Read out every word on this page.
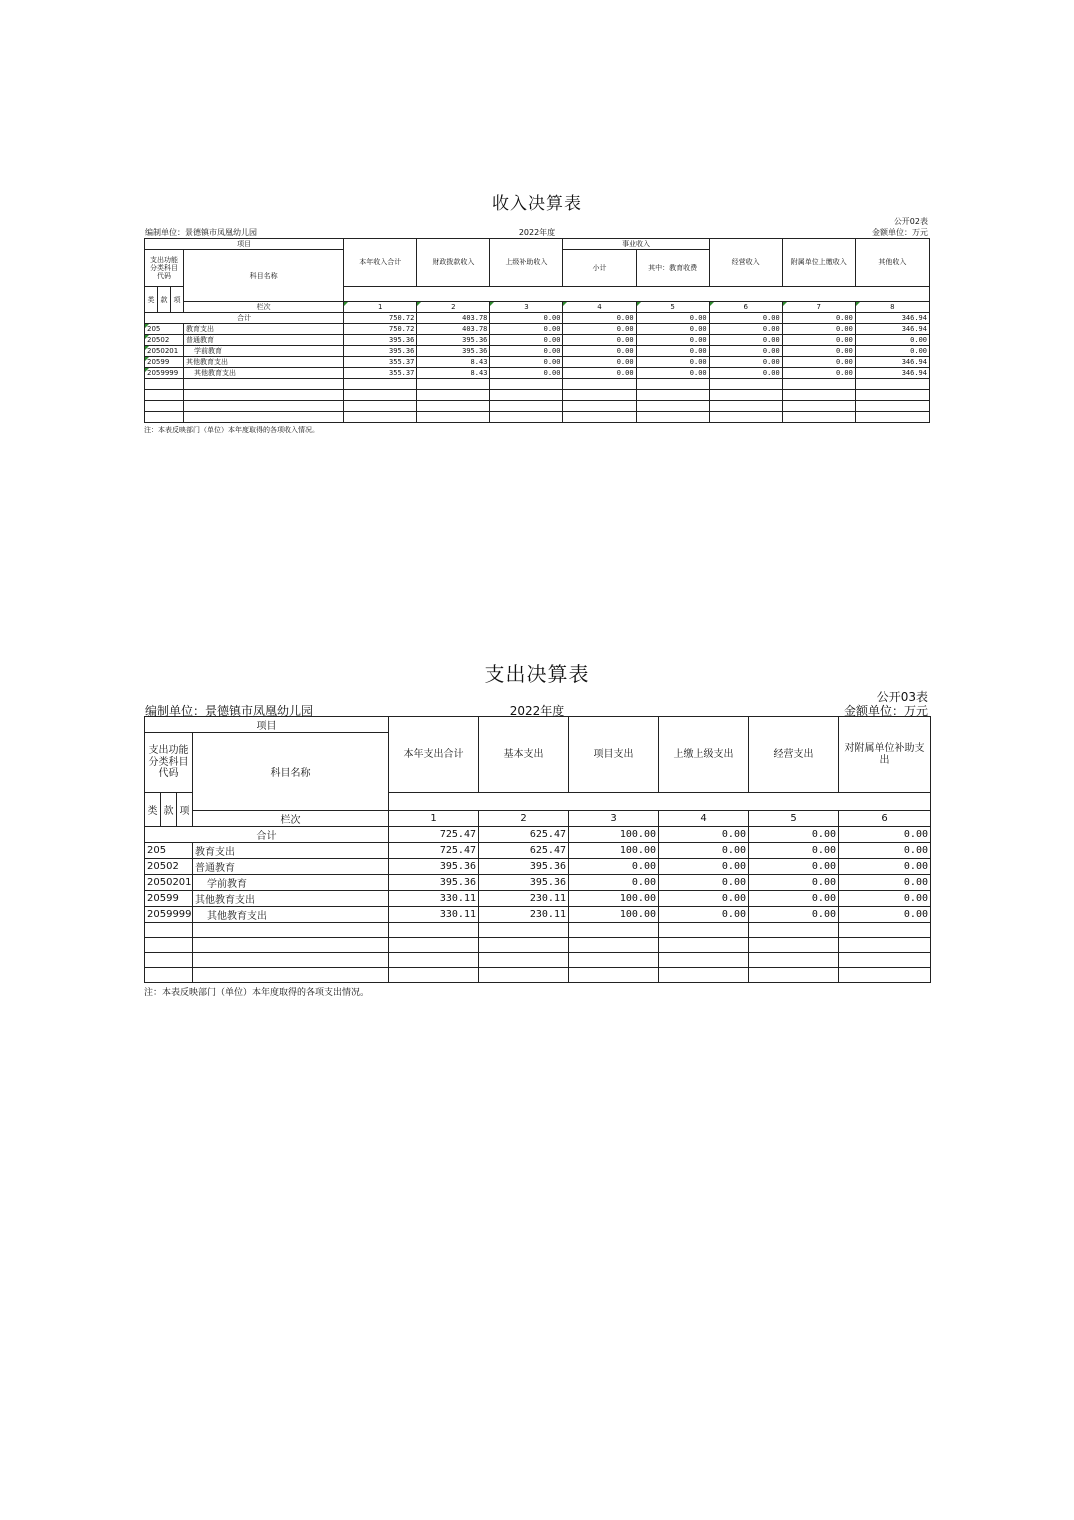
收入决算表
公开02表
编制单位：景德镇市凤凰幼儿园	2022年度	金额单位：万元
项目				本年收入合计	财政拨款收入	上级补助收入	事业收入		经营收入	附属单位上缴收入	其他收入
支出功能分类科目代码			科目名称				小计	其中：教育收费			
类	款	项									
			栏次	1	2	3	4	5	6	7	8
合计				750.72	403.78	0.00	0.00	0.00	0.00	0.00	346.94
205			教育支出	750.72	403.78	0.00	0.00	0.00	0.00	0.00	346.94
20502			普通教育	395.36	395.36	0.00	0.00	0.00	0.00	0.00	0.00
2050201			学前教育	395.36	395.36	0.00	0.00	0.00	0.00	0.00	0.00
20599			其他教育支出	355.37	8.43	0.00	0.00	0.00	0.00	0.00	346.94
2059999			其他教育支出	355.37	8.43	0.00	0.00	0.00	0.00	0.00	346.94

注：本表反映部门（单位）本年度取得的各项收入情况。
支出决算表
公开03表
编制单位：景德镇市凤凰幼儿园	2022年度	金额单位：万元
项目				本年支出合计	基本支出	项目支出	上缴上级支出	经营支出	对附属单位补助支出
支出功能分类科目代码			科目名称						
类	款	项							
			栏次	1	2	3	4	5	6
合计				725.47	625.47	100.00	0.00	0.00	0.00
205			教育支出	725.47	625.47	100.00	0.00	0.00	0.00
20502			普通教育	395.36	395.36	0.00	0.00	0.00	0.00
2050201			学前教育	395.36	395.36	0.00	0.00	0.00	0.00
20599			其他教育支出	330.11	230.11	100.00	0.00	0.00	0.00
2059999			其他教育支出	330.11	230.11	100.00	0.00	0.00	0.00

注：本表反映部门（单位）本年度取得的各项支出情况。
